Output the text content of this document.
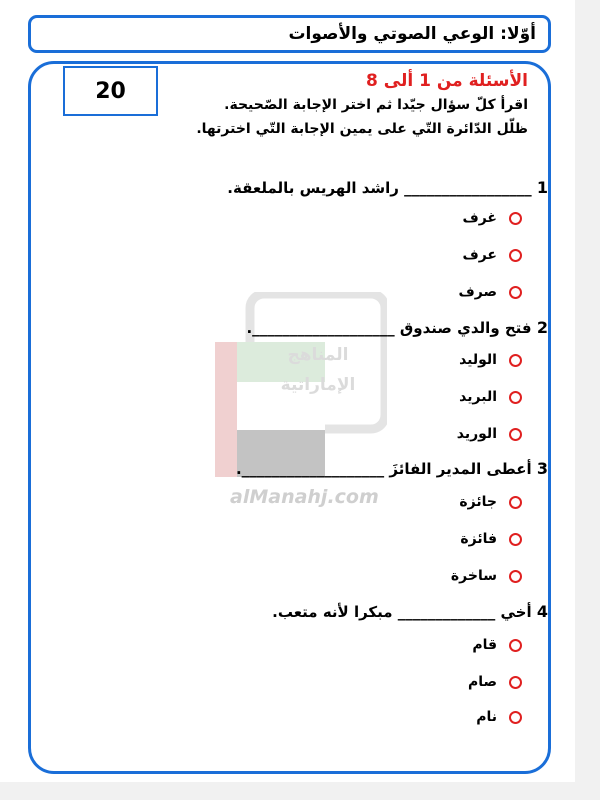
أوّلا: الوعي الصوتي والأصوات
20	الأسئلة من 1 ألى 8
اقرأ كلّ سؤال جيّدا ثم اختر الإجابة الصّحيحة.
ظلّل الدّائرة التّي على يمين الإجابة التّي اخترتها.
المناهج
الإماراتية
alManahj.com
1 _________________ راشد الهريس بالملعقة.
غرف
عرف
صرف
2 فتح والدي صندوق ___________________.
الوليد
البريد
الوريد
3 أعطى المدير الفائزَ ___________________.
جائزة
فائزة
ساخرة
4 أخي _____________ مبكرا لأنه متعب.
قام
صام
نام
